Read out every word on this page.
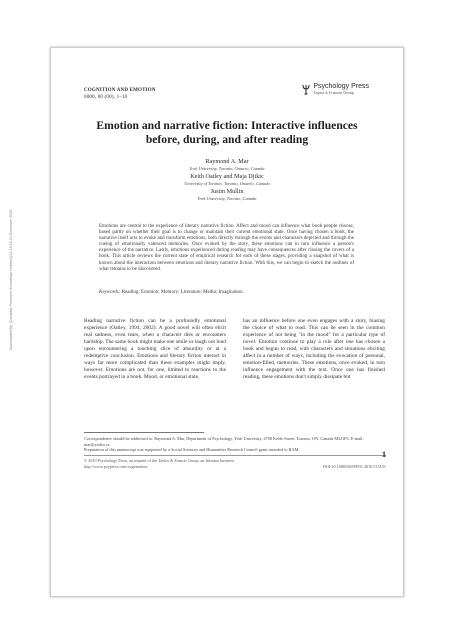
Downloaded By: [Canadian Research Knowledge Network] At: 19:18 23 December 2010
COGNITION AND EMOTION
0000, 00 (00), 1–10
Psychology Press
Taylor & Francis Group
Emotion and narrative fiction: Interactive influences before, during, and after reading
Raymond A. Mar
York University, Toronto, Ontario, Canada
Keith Oatley and Maja Djikic
University of Toronto, Toronto, Ontario, Canada
Justin Mullin
York University, Toronto, Canada

Emotions are central to the experience of literary narrative fiction. Affect and mood can influence what book people choose, based partly on whether their goal is to change or maintain their current emotional state. Once having chosen a book, the narrative itself acts to evoke and transform emotions, both directly through the events and characters depicted and through the cueing of emotionally valenced memories. Once evoked by the story, these emotions can in turn influence a person's experience of the narrative. Lastly, emotions experienced during reading may have consequences after closing the covers of a book. This article reviews the current state of empirical research for each of these stages, providing a snapshot of what is known about the interaction between emotions and literary narrative fiction. With this, we can begin to sketch the outlines of what remains to be discovered.

Keywords: Reading; Emotion; Memory; Literature; Media; Imagination.

Reading narrative fiction can be a profoundly emotional experience (Oatley, 1994, 2002). A good novel will often elicit real sadness, even tears, when a character dies or encounters hardship. The same book might make one smile or laugh out loud upon encountering a touching slice of absurdity or at a redemptive conclusion. Emotions and literary fiction interact in ways far more complicated than these examples might imply, however. Emotions are not, for one, limited to reactions to the events portrayed in a book. Mood, or emotional state,

has an influence before one even engages with a story, biasing the choice of what to read. This can be seen in the common experience of not being "in the mood" for a particular type of novel. Emotion continue to play a role after one has chosen a book and begun to read, with characters and situations eliciting affect in a number of ways, including the evocation of personal, emotion-filled, memories. These emotions, once evoked, in turn influence engagement with the text. Once one has finished reading, these emotions don't simply dissipate but

Correspondence should be addressed to: Raymond A. Mar, Department of Psychology, York University, 4700 Keele Street, Toronto, ON, Canada M3J1P3. E-mail: mar@yorku.ca

Preparation of this manuscript was supported by a Social Sciences and Humanities Research Council grant awarded to RAM.

© 2010 Psychology Press, an imprint of the Taylor & Francis Group, an Informa business
http://www.psypress.com/cogemotion	DOI:10.1080/02699931.2010.515151
1
